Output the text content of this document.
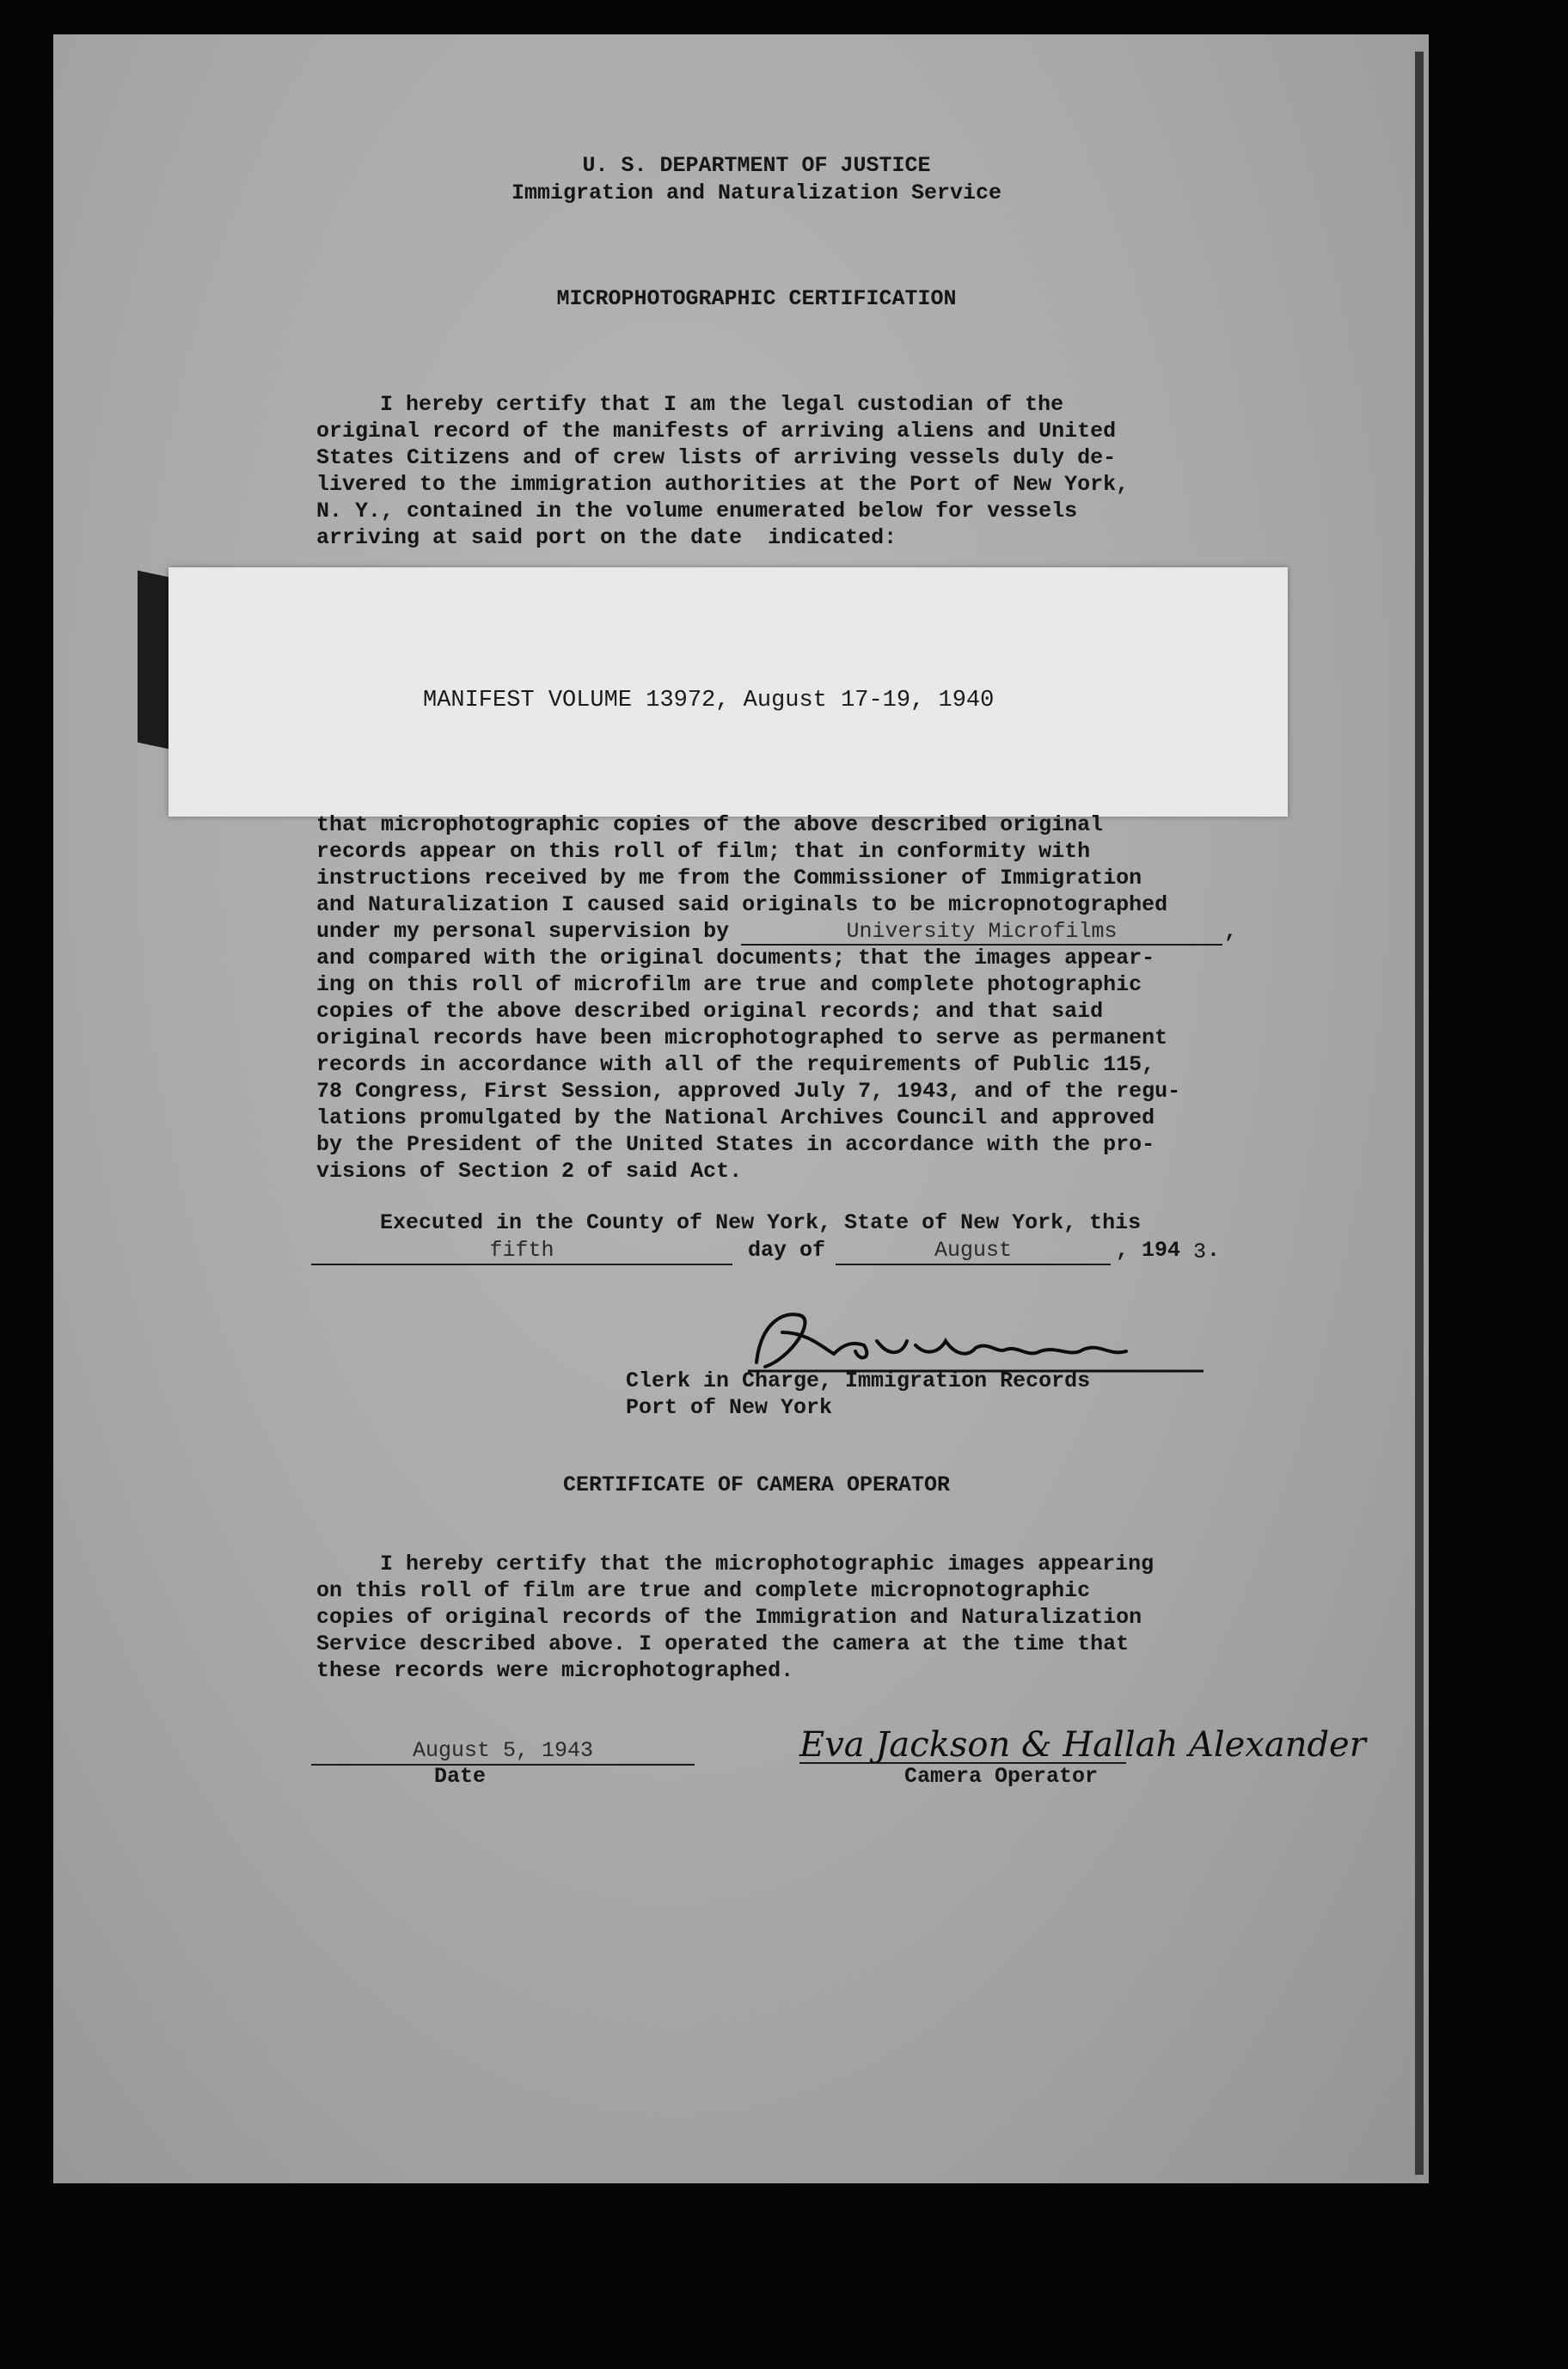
U. S. DEPARTMENT OF JUSTICE
Immigration and Naturalization Service
MICROPHOTOGRAPHIC CERTIFICATION
I hereby certify that I am the legal custodian of the
original record of the manifests of arriving aliens and United
States Citizens and of crew lists of arriving vessels duly de-
livered to the immigration authorities at the Port of New York,
N. Y., contained in the volume enumerated below for vessels
arriving at said port on the date  indicated:
MANIFEST VOLUME 13972, August 17-19, 1940
that microphotographic copies of the above described original
records appear on this roll of film; that in conformity with
instructions received by me from the Commissioner of Immigration
and Naturalization I caused said originals to be micropnotographed
under my personal supervision by	University Microfilms	,
and compared with the original documents; that the images appear-
ing on this roll of microfilm are true and complete photographic
copies of the above described original records; and that said
original records have been microphotographed to serve as permanent
records in accordance with all of the requirements of Public 115,
78 Congress, First Session, approved July 7, 1943, and of the regu-
lations promulgated by the National Archives Council and approved
by the President of the United States in accordance with the pro-
visions of Section 2 of said Act.
Executed in the County of New York, State of New York, this
fifth	day of	August	, 194 3 .
Clerk in Charge, Immigration Records
Port of New York
CERTIFICATE OF CAMERA OPERATOR
I hereby certify that the microphotographic images appearing
on this roll of film are true and complete micropnotographic
copies of original records of the Immigration and Naturalization
Service described above. I operated the camera at the time that
these records were microphotographed.
August 5, 1943
Date
Eva Jackson & Hallah Alexander
Camera Operator
